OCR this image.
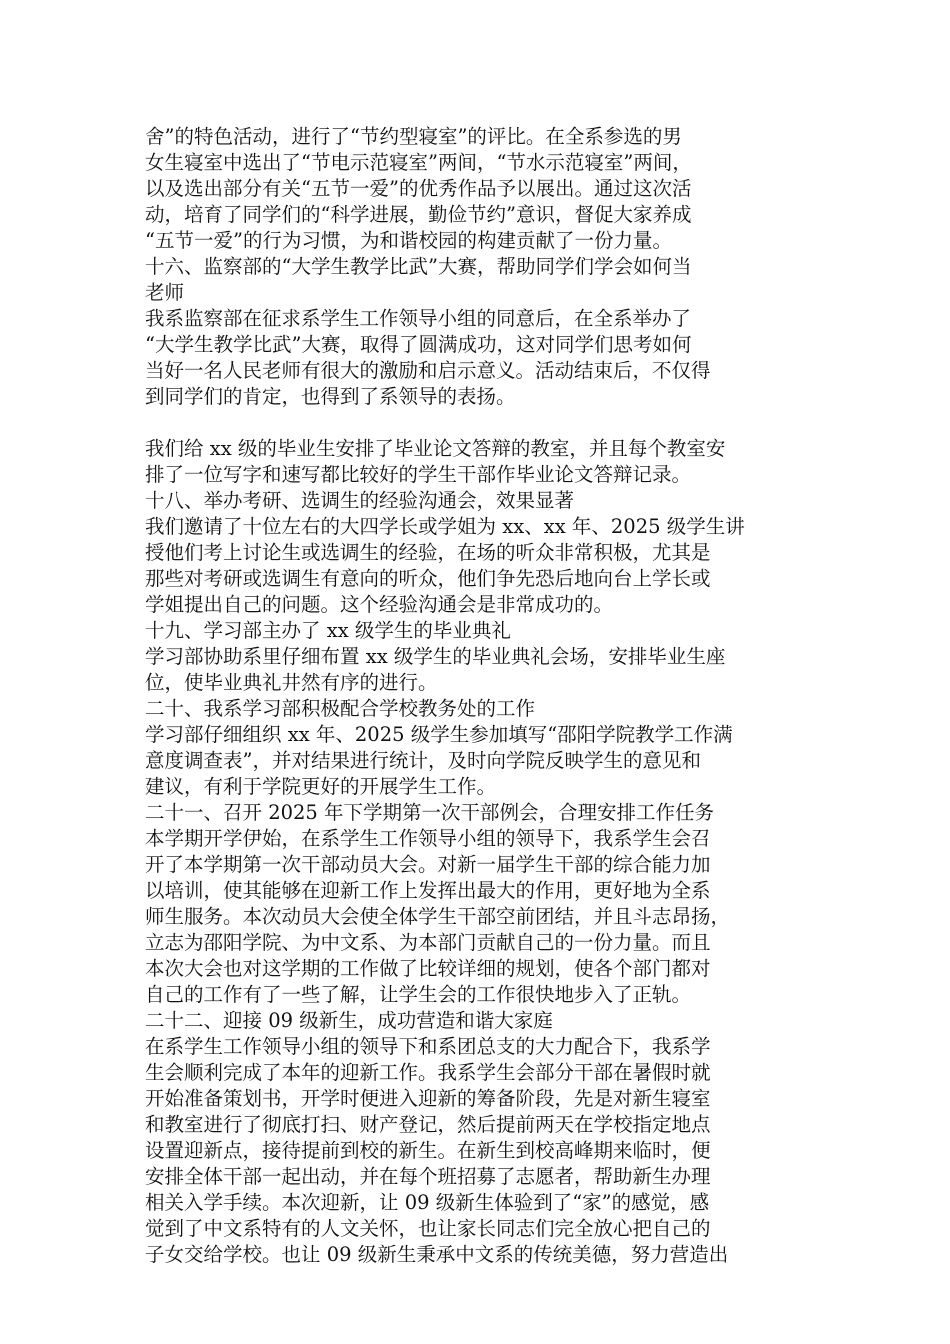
舍”的特色活动，进行了“节约型寝室”的评比。在全系参选的男
女生寝室中选出了“节电示范寝室”两间，“节水示范寝室”两间，
以及选出部分有关“五节一爱”的优秀作品予以展出。通过这次活
动，培育了同学们的“科学进展，勤俭节约”意识，督促大家养成
“五节一爱”的行为习惯，为和谐校园的构建贡献了一份力量。
十六、监察部的“大学生教学比武”大赛，帮助同学们学会如何当
老师
我系监察部在征求系学生工作领导小组的同意后，在全系举办了
“大学生教学比武”大赛，取得了圆满成功，这对同学们思考如何
当好一名人民老师有很大的激励和启示意义。活动结束后，不仅得
到同学们的肯定，也得到了系领导的表扬。
我们给 xx 级的毕业生安排了毕业论文答辩的教室，并且每个教室安
排了一位写字和速写都比较好的学生干部作毕业论文答辩记录。
十八、举办考研、选调生的经验沟通会，效果显著
我们邀请了十位左右的大四学长或学姐为 xx、xx 年、2025 级学生讲
授他们考上讨论生或选调生的经验，在场的听众非常积极，尤其是
那些对考研或选调生有意向的听众，他们争先恐后地向台上学长或
学姐提出自己的问题。这个经验沟通会是非常成功的。
十九、学习部主办了 xx 级学生的毕业典礼
学习部协助系里仔细布置 xx 级学生的毕业典礼会场，安排毕业生座
位，使毕业典礼井然有序的进行。
二十、我系学习部积极配合学校教务处的工作
学习部仔细组织 xx 年、2025 级学生参加填写“邵阳学院教学工作满
意度调查表”，并对结果进行统计，及时向学院反映学生的意见和
建议，有利于学院更好的开展学生工作。
二十一、召开 2025 年下学期第一次干部例会，合理安排工作任务
本学期开学伊始，在系学生工作领导小组的领导下，我系学生会召
开了本学期第一次干部动员大会。对新一届学生干部的综合能力加
以培训，使其能够在迎新工作上发挥出最大的作用，更好地为全系
师生服务。本次动员大会使全体学生干部空前团结，并且斗志昂扬，
立志为邵阳学院、为中文系、为本部门贡献自己的一份力量。而且
本次大会也对这学期的工作做了比较详细的规划，使各个部门都对
自己的工作有了一些了解，让学生会的工作很快地步入了正轨。
二十二、迎接 09 级新生，成功营造和谐大家庭
在系学生工作领导小组的领导下和系团总支的大力配合下，我系学
生会顺利完成了本年的迎新工作。我系学生会部分干部在暑假时就
开始准备策划书，开学时便进入迎新的筹备阶段，先是对新生寝室
和教室进行了彻底打扫、财产登记，然后提前两天在学校指定地点
设置迎新点，接待提前到校的新生。在新生到校高峰期来临时，便
安排全体干部一起出动，并在每个班招募了志愿者，帮助新生办理
相关入学手续。本次迎新，让 09 级新生体验到了“家”的感觉，感
觉到了中文系特有的人文关怀，也让家长同志们完全放心把自己的
子女交给学校。也让 09 级新生秉承中文系的传统美德，努力营造出
